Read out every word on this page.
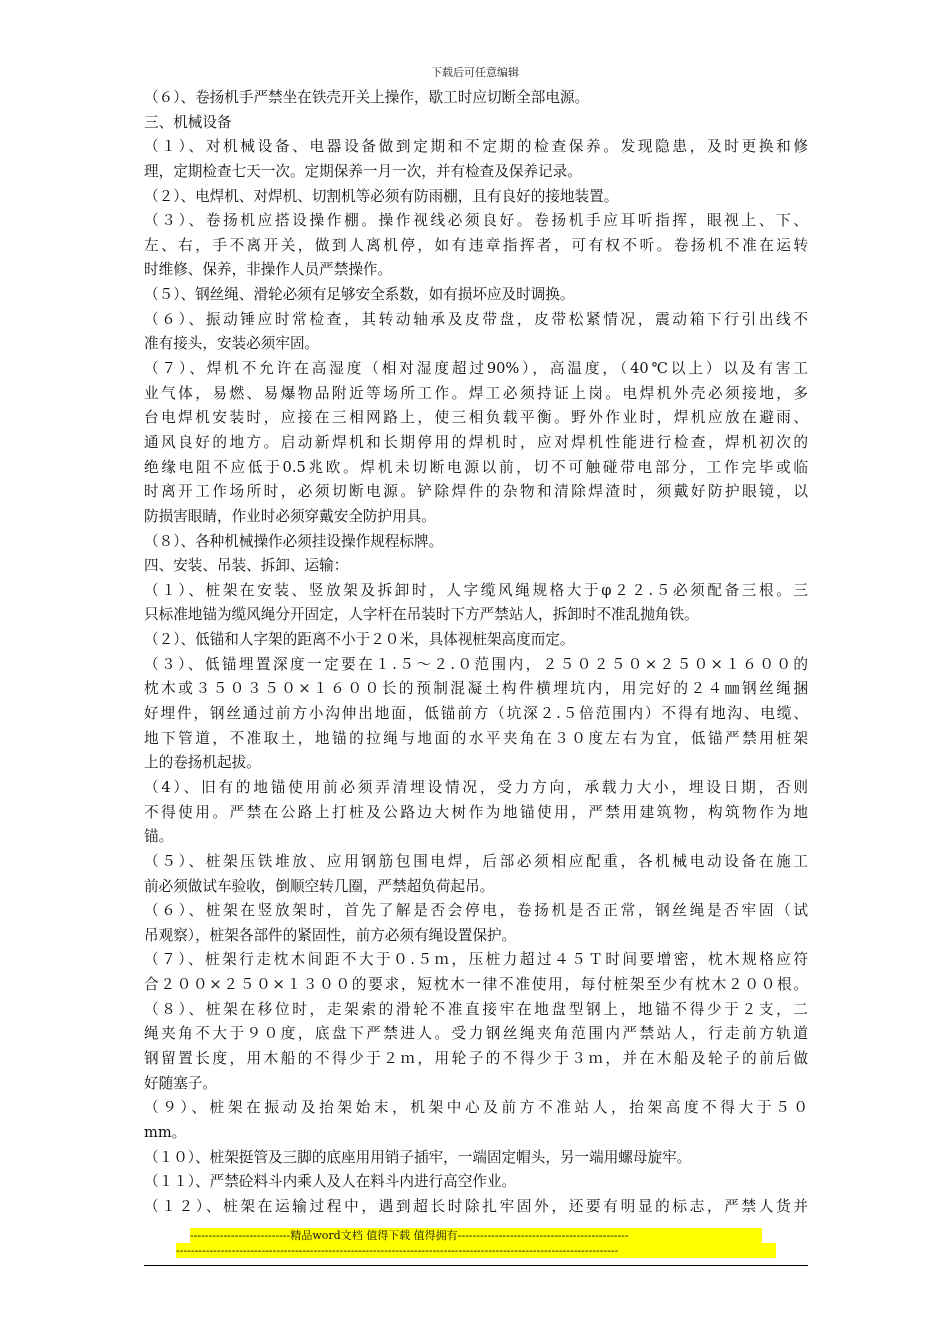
下载后可任意编辑
（６）、卷扬机手严禁坐在铁壳开关上操作，歇工时应切断全部电源。
三、机械设备
（１）、对机械设备、电器设备做到定期和不定期的检查保养。发现隐患，及时更换和修
理，定期检查七天一次。定期保养一月一次，并有检查及保养记录。
（２）、电焊机、对焊机、切割机等必须有防雨棚，且有良好的接地装置。
（３）、卷扬机应搭设操作棚。操作视线必须良好。卷扬机手应耳听指挥，眼视上、下、
左、右，手不离开关，做到人离机停，如有违章指挥者，可有权不听。卷扬机不准在运转
时维修、保养，非操作人员严禁操作。
（５）、钢丝绳、滑轮必须有足够安全系数，如有损坏应及时调换。
（６）、振动锤应时常检查，其转动轴承及皮带盘，皮带松紧情况，震动箱下行引出线不
准有接头，安装必须牢固。
（７）、焊机不允许在高湿度（相对湿度超过90%），高温度，（40℃以上）以及有害工
业气体，易燃、易爆物品附近等场所工作。焊工必须持证上岗。电焊机外壳必须接地，多
台电焊机安装时，应接在三相网路上，使三相负载平衡。野外作业时，焊机应放在避雨、
通风良好的地方。启动新焊机和长期停用的焊机时，应对焊机性能进行检查，焊机初次的
绝缘电阻不应低于0.5兆欧。焊机未切断电源以前，切不可触碰带电部分，工作完毕或临
时离开工作场所时，必须切断电源。铲除焊件的杂物和清除焊渣时，须戴好防护眼镜，以
防损害眼睛，作业时必须穿戴安全防护用具。
（８）、各种机械操作必须挂设操作规程标牌。
四、安装、吊装、拆卸、运输：
（１）、桩架在安装、竖放架及拆卸时，人字缆风绳规格大于φ２２.５必须配备三根。三
只标准地锚为缆风绳分开固定，人字杆在吊装时下方严禁站人，拆卸时不准乱抛角铁。
（２）、低锚和人字架的距离不小于２０米，具体视桩架高度而定。
（３）、低锚埋置深度一定要在１.５～２.０范围内，２５０２５０×２５０×１６００的
枕木或３５０３５０×１６００长的预制混凝土构件横埋坑内，用完好的２４㎜钢丝绳捆
好埋件，钢丝通过前方小沟伸出地面，低锚前方（坑深２.５倍范围内）不得有地沟、电缆、
地下管道，不准取土，地锚的拉绳与地面的水平夹角在３０度左右为宜，低锚严禁用桩架
上的卷扬机起拔。
（4）、旧有的地锚使用前必须弄清埋设情况，受力方向，承载力大小，埋设日期，否则
不得使用。严禁在公路上打桩及公路边大树作为地锚使用，严禁用建筑物，构筑物作为地
锚。
（５）、桩架压铁堆放、应用钢筋包围电焊，后部必须相应配重，各机械电动设备在施工
前必须做试车验收，倒顺空转几圈，严禁超负荷起吊。
（６）、桩架在竖放架时，首先了解是否会停电，卷扬机是否正常，钢丝绳是否牢固（试
吊观察），桩架各部件的紧固性，前方必须有绳设置保护。
（７）、桩架行走枕木间距不大于０.５ｍ，压桩力超过４５Ｔ时间要增密，枕木规格应符
合２００×２５０×１３００的要求，短枕木一律不准使用，每付桩架至少有枕木２００根。
（８）、桩架在移位时，走架索的滑轮不准直接牢在地盘型钢上，地锚不得少于２支，二
绳夹角不大于９０度，底盘下严禁进人。受力钢丝绳夹角范围内严禁站人，行走前方轨道
钢留置长度，用木船的不得少于２ｍ，用轮子的不得少于３ｍ，并在木船及轮子的前后做
好随塞子。
（９）、桩架在振动及抬架始末，机架中心及前方不准站人，抬架高度不得大于５０
mm。
（１０）、桩架挺管及三脚的底座用用销子插牢，一端固定帽头，另一端用螺母旋牢。
（１１）、严禁砼料斗内乘人及人在料斗内进行高空作业。
（１２）、桩架在运输过程中，遇到超长时除扎牢固外，还要有明显的标志，严禁人货并
---------------------------精品word文档 值得下载 值得拥有----------------------------------------------
-----------------------------------------------------------------------------------------------------------------------
